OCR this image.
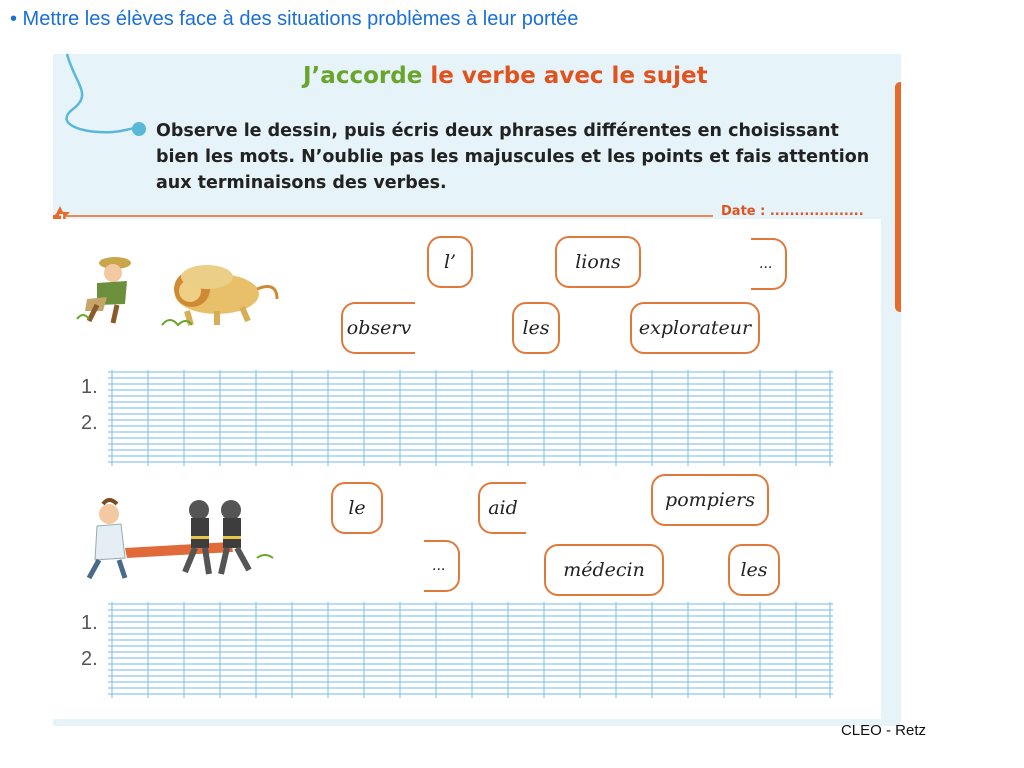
• Mettre les élèves face à des situations problèmes à leur portée
J’accorde le verbe avec le sujet
Observe le dessin, puis écris deux phrases différentes en choisissant bien les mots. N’oublie pas les majuscules et les points et fais attention aux terminaisons des verbes.
Date : ...................
l’	lions	...
observ	les	explorateur
1.
2.
le	aid	pompiers
...	médecin	les
1.
2.
CLEO - Retz
